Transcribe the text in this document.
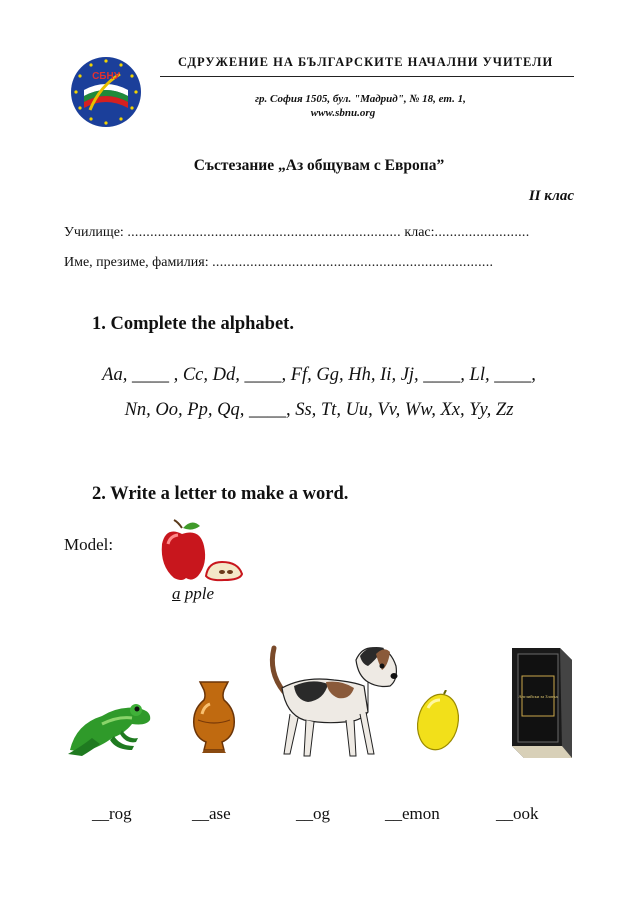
СБНУ
СДРУЖЕНИЕ НА БЪЛГАРСКИТЕ НАЧАЛНИ УЧИТЕЛИ
гр. София 1505, бул. "Мадрид", № 18, ет. 1,
www.sbnu.org
Състезание „Аз общувам с Европа”
II клас
Училище: ........................................................................ клас:.........................
Име, презиме, фамилия: ..........................................................................
1. Complete the alphabet.
Aa, ____ , Cc, Dd, ____, Ff, Gg, Hh, Ii, Jj, ____, Ll, ____,
Nn, Oo, Pp, Qq, ____, Ss, Tt, Uu, Vv, Ww, Xx, Yy, Zz
2. Write a letter to make a word.
Model:
a pple
Английски за Златка
__rog	__ase	__og	__emon	__ook
